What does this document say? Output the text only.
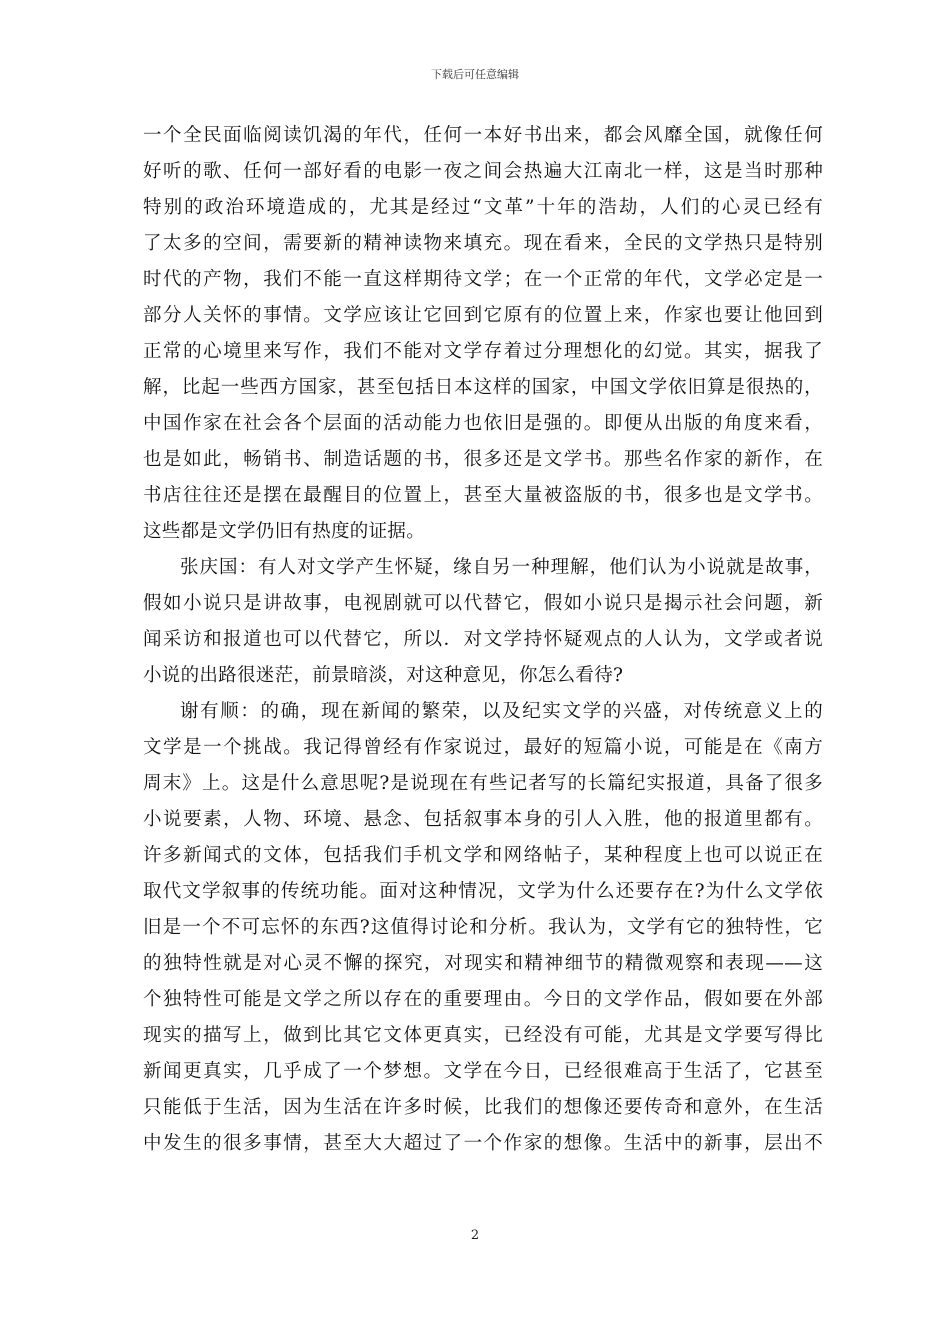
下载后可任意编辑
一个全民面临阅读饥渴的年代，任何一本好书出来，都会风靡全国，就像任何
好听的歌、任何一部好看的电影一夜之间会热遍大江南北一样，这是当时那种
特别的政治环境造成的，尤其是经过“文革”十年的浩劫，人们的心灵已经有
了太多的空间，需要新的精神读物来填充。现在看来，全民的文学热只是特别
时代的产物，我们不能一直这样期待文学；在一个正常的年代，文学必定是一
部分人关怀的事情。文学应该让它回到它原有的位置上来，作家也要让他回到
正常的心境里来写作，我们不能对文学存着过分理想化的幻觉。其实，据我了
解，比起一些西方国家，甚至包括日本这样的国家，中国文学依旧算是很热的，
中国作家在社会各个层面的活动能力也依旧是强的。即便从出版的角度来看，
也是如此，畅销书、制造话题的书，很多还是文学书。那些名作家的新作，在
书店往往还是摆在最醒目的位置上，甚至大量被盗版的书，很多也是文学书。
这些都是文学仍旧有热度的证据。
张庆国：有人对文学产生怀疑，缘自另一种理解，他们认为小说就是故事，
假如小说只是讲故事，电视剧就可以代替它，假如小说只是揭示社会问题，新
闻采访和报道也可以代替它，所以．对文学持怀疑观点的人认为，文学或者说
小说的出路很迷茫，前景暗淡，对这种意见，你怎么看待?
谢有顺：的确，现在新闻的繁荣，以及纪实文学的兴盛，对传统意义上的
文学是一个挑战。我记得曾经有作家说过，最好的短篇小说，可能是在《南方
周末》上。这是什么意思呢?是说现在有些记者写的长篇纪实报道，具备了很多
小说要素，人物、环境、悬念、包括叙事本身的引人入胜，他的报道里都有。
许多新闻式的文体，包括我们手机文学和网络帖子，某种程度上也可以说正在
取代文学叙事的传统功能。面对这种情况，文学为什么还要存在?为什么文学依
旧是一个不可忘怀的东西?这值得讨论和分析。我认为，文学有它的独特性，它
的独特性就是对心灵不懈的探究，对现实和精神细节的精微观察和表现——这
个独特性可能是文学之所以存在的重要理由。今日的文学作品，假如要在外部
现实的描写上，做到比其它文体更真实，已经没有可能，尤其是文学要写得比
新闻更真实，几乎成了一个梦想。文学在今日，已经很难高于生活了，它甚至
只能低于生活，因为生活在许多时候，比我们的想像还要传奇和意外，在生活
中发生的很多事情，甚至大大超过了一个作家的想像。生活中的新事，层出不
2
